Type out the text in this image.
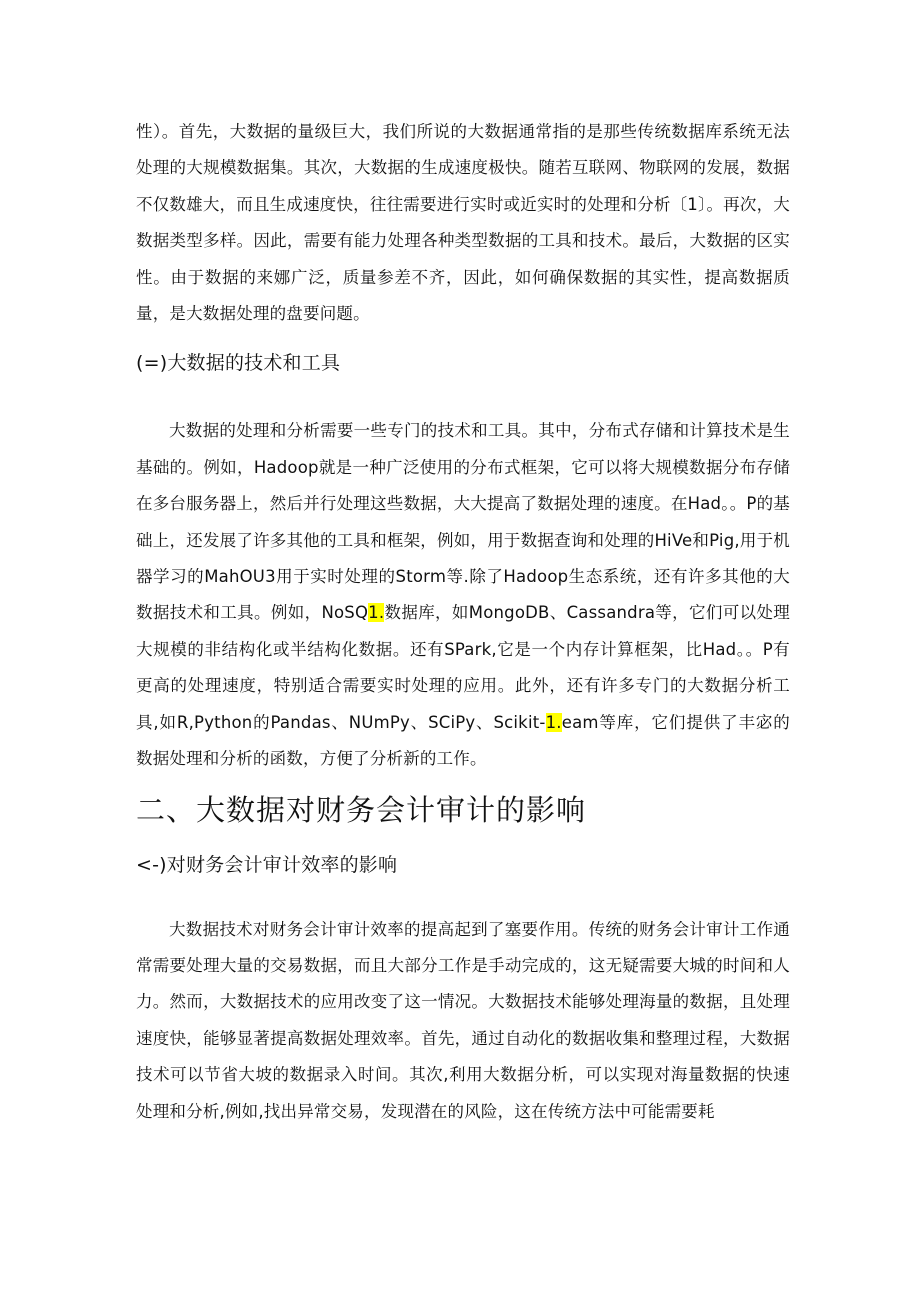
性）。首先，大数据的量级巨大，我们所说的大数据通常指的是那些传统数据库系统无法处理的大规模数据集。其次，大数据的生成速度极快。随若互联网、物联网的发展，数据不仅数雄大，而且生成速度快，往往需要进行实时或近实时的处理和分析〔1〕。再次，大数据类型多样。因此，需要有能力处理各种类型数据的工具和技术。最后，大数据的区实性。由于数据的来娜广泛，质量参差不齐，因此，如何确保数据的其实性，提高数据质量，是大数据处理的盘要问题。

(=)大数据的技术和工具

大数据的处理和分析需要一些专门的技术和工具。其中，分布式存储和计算技术是生基础的。例如，Hadoop就是一种广泛使用的分布式框架，它可以将大规模数据分布存储在多台服务器上，然后并行处理这些数据，大大提高了数据处理的速度。在Had。。P的基础上，还发展了许多其他的工具和框架，例如，用于数据查询和处理的HiVe和Pig,用于机器学习的MahOU3用于实时处理的Storm等.除了Hadoop生态系统，还有许多其他的大数据技术和工具。例如，NoSQ1.数据库，如MongoDB、Cassandra等，它们可以处理大规模的非结构化或半结构化数据。还有SPark,它是一个内存计算框架，比Had。。P有更高的处理速度，特别适合需要实时处理的应用。此外，还有许多专门的大数据分析工具,如R,Python的Pandas、NUmPy、SCiPy、Scikit-1.eam等库，它们提供了丰宓的数据处理和分析的函数，方便了分析新的工作。

二、大数据对财务会计审计的影响
<-)对财务会计审计效率的影响

大数据技术对财务会计审计效率的提高起到了塞要作用。传统的财务会计审计工作通常需要处理大量的交易数据，而且大部分工作是手动完成的，这无疑需要大城的时间和人力。然而，大数据技术的应用改变了这一情况。大数据技术能够处理海量的数据，且处理速度快，能够显著提高数据处理效率。首先，通过自动化的数据收集和整理过程，大数据技术可以节省大坡的数据录入时间。其次,利用大数据分析，可以实现对海量数据的快速处理和分析,例如,找出异常交易，发现潜在的风险，这在传统方法中可能需要耗
